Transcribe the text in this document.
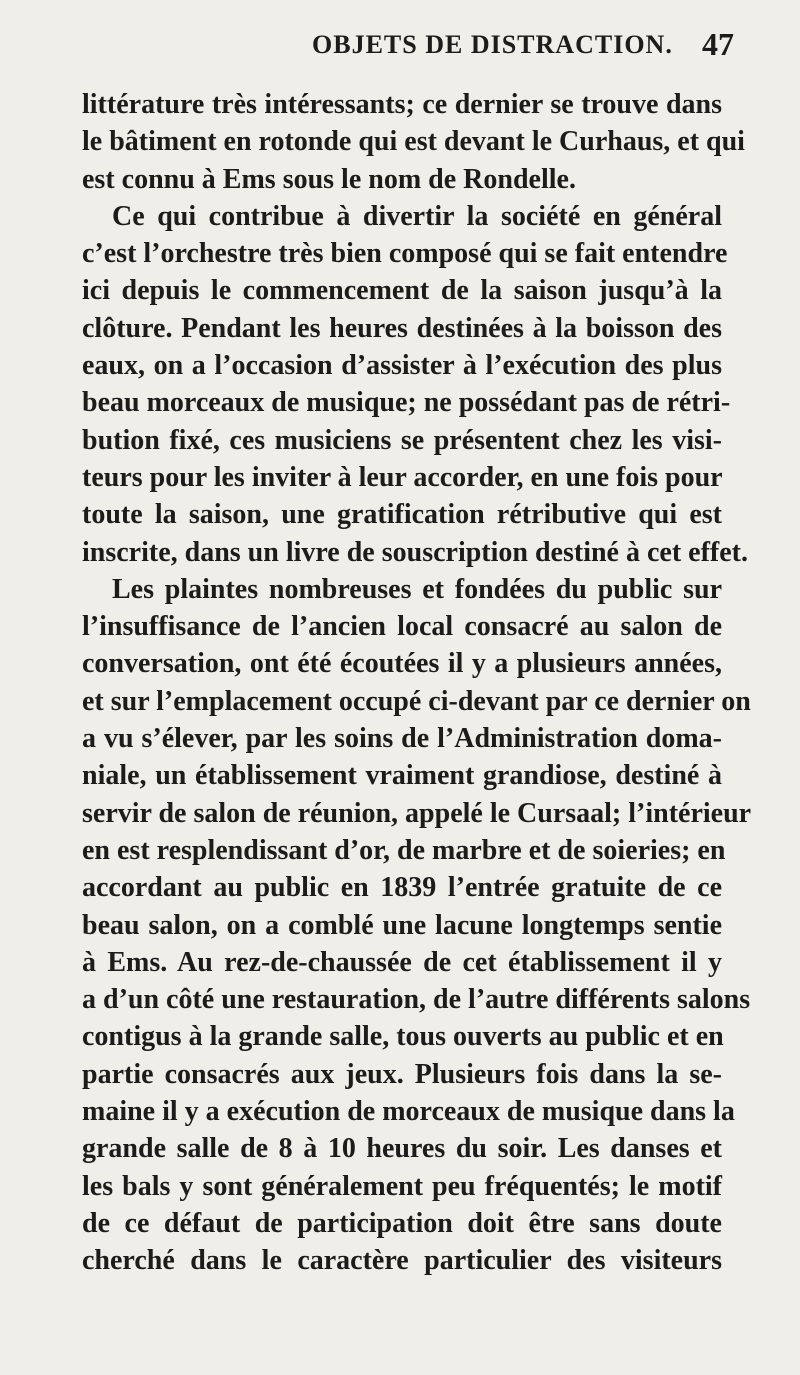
OBJETS DE DISTRACTION. 47
littérature très intéressants; ce dernier se trouve dans
le bâtiment en rotonde qui est devant le Curhaus, et qui
est connu à Ems sous le nom de Rondelle.
Ce qui contribue à divertir la société en général
c’est l’orchestre très bien composé qui se fait entendre
ici depuis le commencement de la saison jusqu’à la
clôture. Pendant les heures destinées à la boisson des
eaux, on a l’occasion d’assister à l’exécution des plus
beau morceaux de musique; ne possédant pas de rétri-
bution fixé, ces musiciens se présentent chez les visi-
teurs pour les inviter à leur accorder, en une fois pour
toute la saison, une gratification rétributive qui est
inscrite, dans un livre de souscription destiné à cet effet.
Les plaintes nombreuses et fondées du public sur
l’insuffisance de l’ancien local consacré au salon de
conversation, ont été écoutées il y a plusieurs années,
et sur l’emplacement occupé ci-devant par ce dernier on
a vu s’élever, par les soins de l’Administration doma-
niale, un établissement vraiment grandiose, destiné à
servir de salon de réunion, appelé le Cursaal; l’intérieur
en est resplendissant d’or, de marbre et de soieries; en
accordant au public en 1839 l’entrée gratuite de ce
beau salon, on a comblé une lacune longtemps sentie
à Ems. Au rez-de-chaussée de cet établissement il y
a d’un côté une restauration, de l’autre différents salons
contigus à la grande salle, tous ouverts au public et en
partie consacrés aux jeux. Plusieurs fois dans la se-
maine il y a exécution de morceaux de musique dans la
grande salle de 8 à 10 heures du soir. Les danses et
les bals y sont généralement peu fréquentés; le motif
de ce défaut de participation doit être sans doute
cherché dans le caractère particulier des visiteurs
